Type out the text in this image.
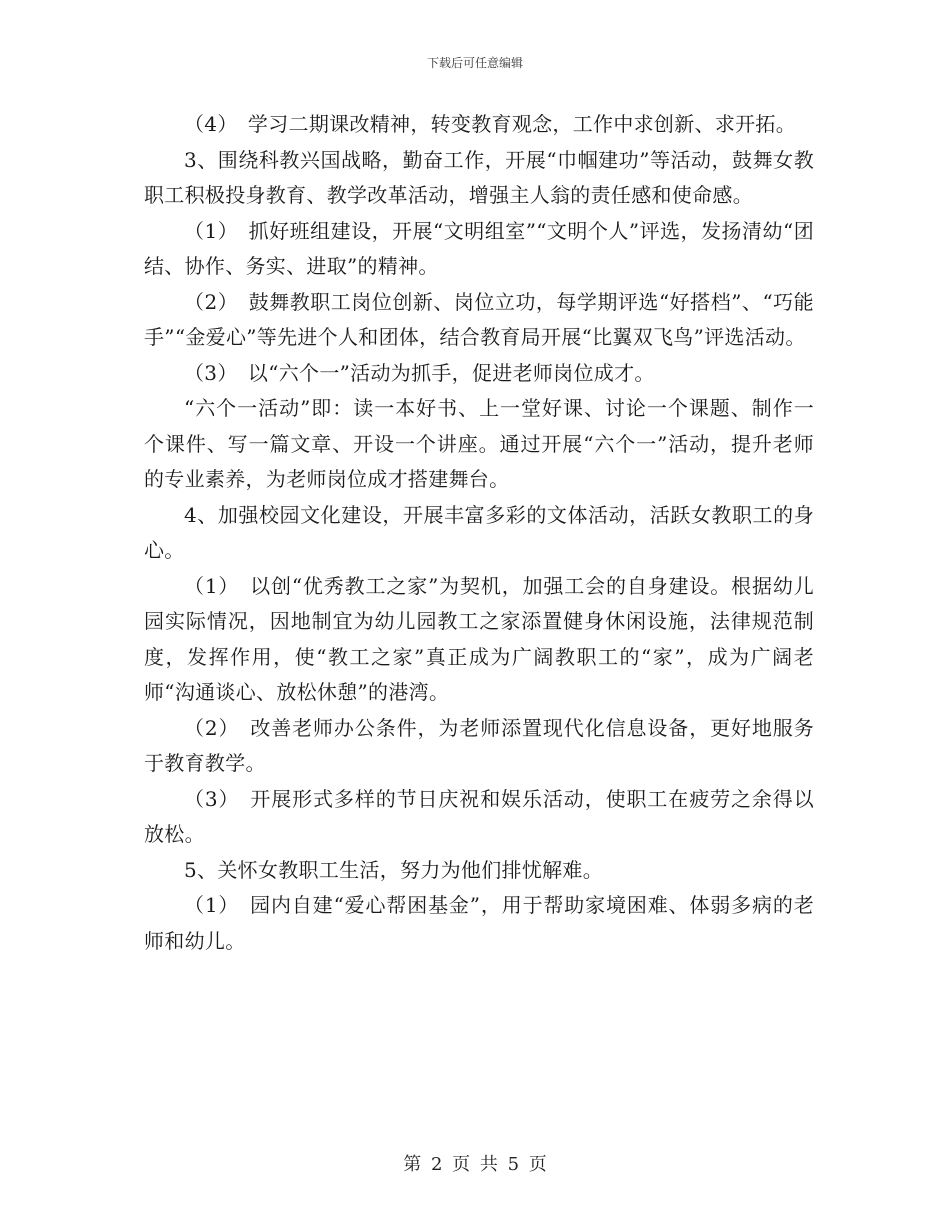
下载后可任意编辑

（4）　学习二期课改精神，转变教育观念，工作中求创新、求开拓。

3、围绕科教兴国战略，勤奋工作，开展“巾帼建功”等活动，鼓舞女教职工积极投身教育、教学改革活动，增强主人翁的责任感和使命感。

（1）　抓好班组建设，开展“文明组室”“文明个人”评选，发扬清幼“团结、协作、务实、进取”的精神。

（2）　鼓舞教职工岗位创新、岗位立功，每学期评选“好搭档”、“巧能手”“金爱心”等先进个人和团体，结合教育局开展“比翼双飞鸟”评选活动。

（3）　以“六个一”活动为抓手，促进老师岗位成才。

“六个一活动”即：读一本好书、上一堂好课、讨论一个课题、制作一个课件、写一篇文章、开设一个讲座。通过开展“六个一”活动，提升老师的专业素养，为老师岗位成才搭建舞台。

4、加强校园文化建设，开展丰富多彩的文体活动，活跃女教职工的身心。

（1）　以创“优秀教工之家”为契机，加强工会的自身建设。根据幼儿园实际情况，因地制宜为幼儿园教工之家添置健身休闲设施，法律规范制度，发挥作用，使“教工之家”真正成为广阔教职工的“家”，成为广阔老师“沟通谈心、放松休憩”的港湾。

（2）　改善老师办公条件，为老师添置现代化信息设备，更好地服务于教育教学。

（3）　开展形式多样的节日庆祝和娱乐活动，使职工在疲劳之余得以放松。

5、关怀女教职工生活，努力为他们排忧解难。

（1）　园内自建“爱心帮困基金”，用于帮助家境困难、体弱多病的老师和幼儿。

第 2 页 共 5 页
